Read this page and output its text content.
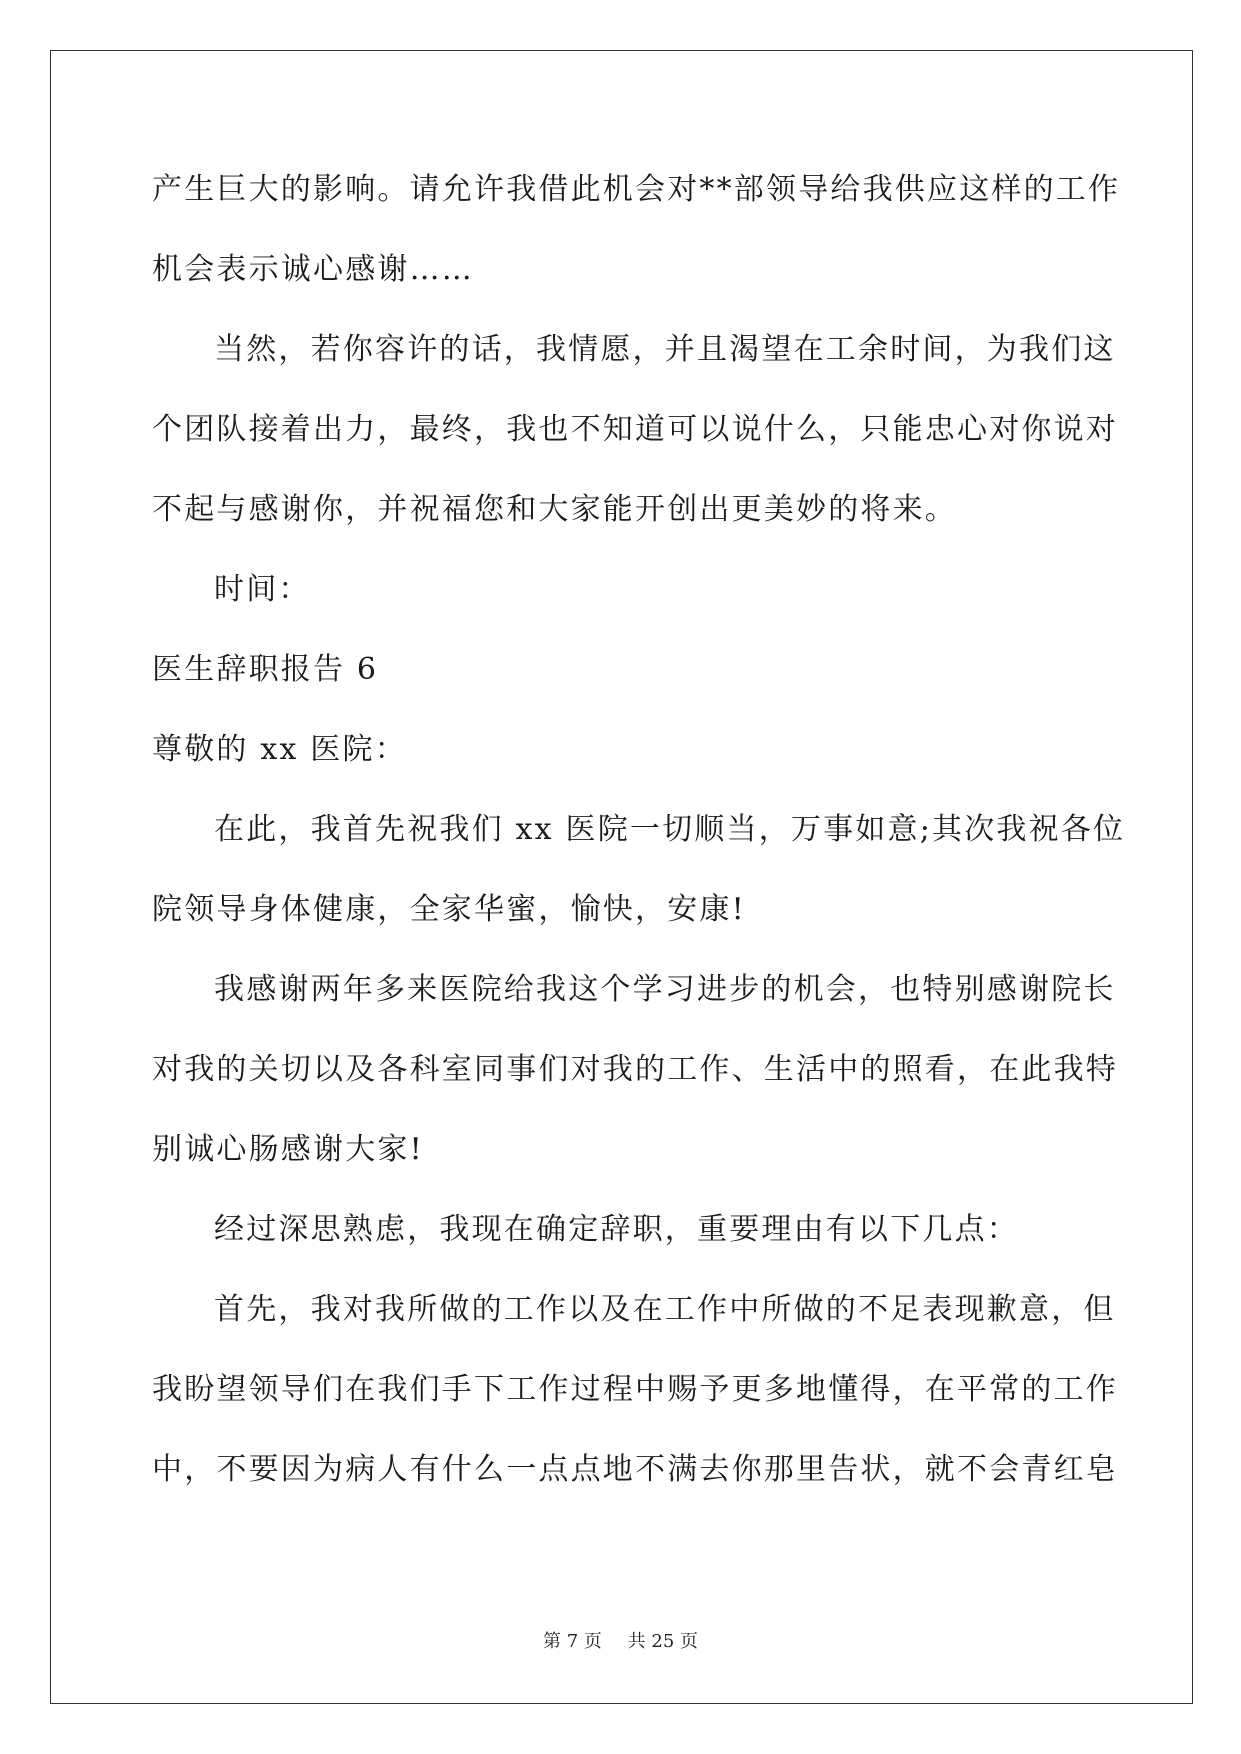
产生巨大的影响。请允许我借此机会对**部领导给我供应这样的工作
机会表示诚心感谢……
当然，若你容许的话，我情愿，并且渴望在工余时间，为我们这
个团队接着出力，最终，我也不知道可以说什么，只能忠心对你说对
不起与感谢你，并祝福您和大家能开创出更美妙的将来。
时间：
医生辞职报告 6
尊敬的 xx 医院：
在此，我首先祝我们 xx 医院一切顺当，万事如意;其次我祝各位
院领导身体健康，全家华蜜，愉快，安康!
我感谢两年多来医院给我这个学习进步的机会，也特别感谢院长
对我的关切以及各科室同事们对我的工作、生活中的照看，在此我特
别诚心肠感谢大家!
经过深思熟虑，我现在确定辞职，重要理由有以下几点：
首先，我对我所做的工作以及在工作中所做的不足表现歉意，但
我盼望领导们在我们手下工作过程中赐予更多地懂得，在平常的工作
中，不要因为病人有什么一点点地不满去你那里告状，就不会青红皂
第 7 页 共 25 页
